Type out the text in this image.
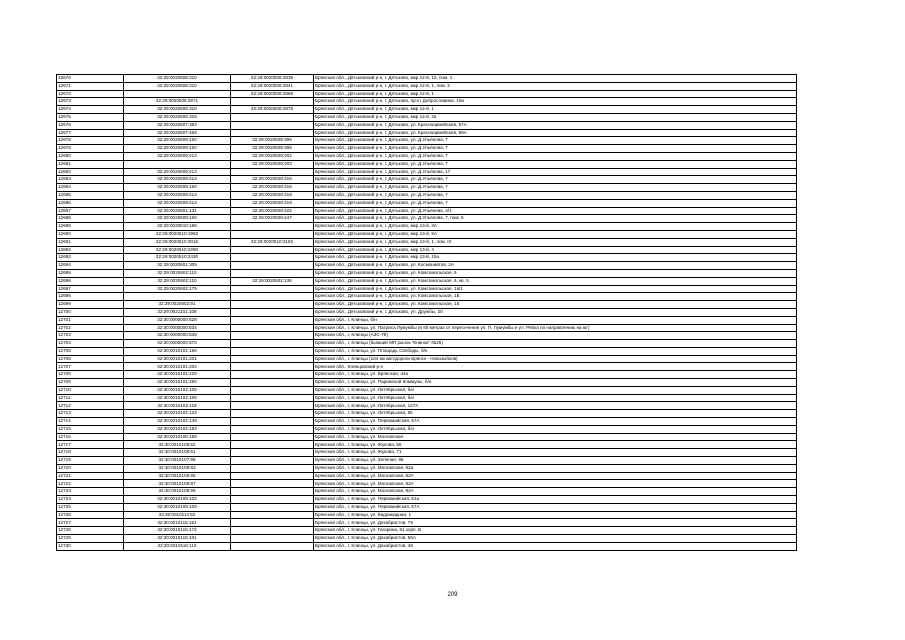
12670	32:29:0020506:310	32:29:0020506:2839	Брянская обл., Дятьковский р-н, г. Дятьково, мкр 12-й, 12, пом. 1
12671	32:29:0020506:310	32:29:0020506:2841	Брянская обл., Дятьковский р-н, г. Дятьково, мкр 12-й, 1, пом. 2
12672		32:29:0020506:2966	Брянская обл., Дятьковский р-н, г. Дятьково, мкр 12-й, 1
12673	32:29:0020506:2871		Брянская обл., Дятьковский р-н, г. Дятьково, пр-кт Доброславина, 16а
12674	32:29:0020506:310	32:29:0020506:2875	Брянская обл., Дятьковский р-н, г. Дятьково, мкр 12-й, 1
12675	32:29:0020506:315		Брянская обл., Дятьковский р-н, г. Дятьково, мкр 12-й, 2а
12676	32:29:0020507:383		Брянская обл., Дятьковский р-н, г. Дятьково, ул. Красноармейская, 57А
12677	32:29:0020507:469		Брянская обл., Дятьковский р-н, г. Дятьково, ул. Красноармейская, 59А
12678	32:29:0020509:160	32:29:0020509:396	Брянская обл., Дятьковский р-н, г. Дятьково, ул. Д.Ульянова, 7
12679	32:29:0020509:160	32:29:0020509:399	Брянская обл., Дятьковский р-н, г. Дятьково, ул. Д.Ульянова, 7
12680	32:29:0020509:414	32:29:0020509:402	Брянская обл., Дятьковский р-н, г. Дятьково, ул. Д.Ульянова, 7
12681		32:29:0020509:403	Брянская обл., Дятьковский р-н, г. Дятьково, ул. Д.Ульянова, 7
12682	32:29:0020509:413		Брянская обл., Дятьковский р-н, г. Дятьково, ул. Д.Ульянова, 17
12683	32:29:0020509:414	32:29:0020509:415	Брянская обл., Дятьковский р-н, г. Дятьково, ул. Д.Ульянова, 7
12684	32:29:0020509:160	32:29:0020509:416	Брянская обл., Дятьковский р-н, г. Дятьково, ул. Д.Ульянова, 7
12685	32:29:0020509:414	32:29:0020509:418	Брянская обл., Дятьковский р-н, г. Дятьково, ул. Д.Ульянова, 7
12686	32:29:0020509:414	32:29:0020509:419	Брянская обл., Дятьковский р-н, г. Дятьково, ул. Д.Ульянова, 7
12687	32:29:0020501:131	32:29:0020509:422	Брянская обл., Дятьковский р-н, г. Дятьково, ул. Д.Ульянова, 4/1
12688	32:29:0020509:160	32:29:0020509:447	Брянская обл., Дятьковский р-н, г. Дятьково, ул. Д.Ульянова, 7, пом. 6
12689	32:29:0020510:186		Брянская обл., Дятьковский р-н, г. Дятьково, мкр 13-й, 3А
12690	32:29:0020510:1962		Брянская обл., Дятьковский р-н, г. Дятьково, мкр 13-й, 5А
12691	32:29:0020510:2015	32:29:0020510:2182	Брянская обл., Дятьковский р-н, г. Дятьково, мкр 13-й, 1, пом. III
12692	32:29:0020510:2280		Брянская обл., Дятьковский р-н, г. Дятьково, мкр 13-й, 4
12693	32:29:0020510:2430		Брянская обл., Дятьковский р-н, г. Дятьково, мкр 13-й, 15а
12694	32:29:0020601:305		Брянская обл., Дятьковский р-н, г. Дятьково, ул. Космонавтов, 2А
12695	32:29:0020602:110		Брянская обл., Дятьковский р-н, г. Дятьково, ул. Комсомольская, 6
12696	32:29:0020602:110	32:29:0020602:136	Брянская обл., Дятьковский р-н, г. Дятьково, ул. Комсомольская, 6, кв. 5
12697	32:29:0020602:175		Брянская обл., Дятьковский р-н, г. Дятьково, ул. Комсомольская, 1в/1
12698			Брянская обл., Дятьковский р-н, г. Дятьково, ул. Комсомольская, 1Б
12699	32:29:0020602:91		Брянская обл., Дятьковский р-н, г. Дятьково, ул. Комсомольская, 1Е
12700	32:29:0021101:108		Брянская обл., Дятьковский р-н, г. Дятьково, ул. Дружбы, 20
12701	32:30:0000000:528		Брянская обл., г. Клинцы, б/н
12702	32:30:0000000:534		Брянская обл., г. Клинцы, ул. Патриса Лумумбы (в 60 метрах от пересечения ул. П. Лумумбы и ул. Рябка по направлению на юг)
12703	32:30:0000000:539		Брянская обл., г. Клинцы (АЗС-78)
12704	32:30:0000000:570		Брянская обл., г. Клинцы (бывший МП рынок "Клинок" №25)
12705	32:30:0010101:166		Брянская обл., г. Клинцы, ул. Площадь Свободы, б/н
12706	32:30:0010101:201		Брянская обл., г. Клинцы (104 км автодороги Брянск - Новозыбков)
12707	32:30:0010101:202		Брянская обл., Клинцовский р-н
12708	32:30:0010101:229		Брянская обл., г. Клинцы, ул. Брянская, 44а
12709	32:30:0010101:250		Брянская обл., г. Клинцы, ул. Парижской Коммуны, б/н
12710	32:30:0010102:105		Брянская обл., г. Клинцы, ул. Октябрьская, б/н
12711	32:30:0010102:106		Брянская обл., г. Клинцы, ул. Октябрьская, б/н
12712	32:30:0010102:118		Брянская обл., г. Клинцы, ул. Октябрьская, 127А
12713	32:30:0010102:123		Брянская обл., г. Клинцы, ул. Октябрьская, 65
12714	32:30:0010102:149		Брянская обл., г. Клинцы, ул. Первомайская, 57А
12715	32:30:0010104:183		Брянская обл., г. Клинцы, ул. Октябрьская, б/н
12716	32:30:0010106:158		Брянская обл., г. Клинцы, ул. Московская
12717	32:30:0010108:52		Брянская обл., г. Клинцы, ул. Жукова, 56
12718	32:30:0010108:61		Брянская обл., г. Клинцы, ул. Жукова, 71
12719	32:30:0010107:98		Брянская обл., г. Клинцы, ул. Зеленая, 96
12720	32:30:0010108:83		Брянская обл., г. Клинцы, ул. Московская, 82а
12721	32:30:0010108:86		Брянская обл., г. Клинцы, ул. Московская, 82А
12722	32:30:0010108:87		Брянская обл., г. Клинцы, ул. Московская, 82А
12723	32:30:0010108:95		Брянская обл., г. Клинцы, ул. Московская, 82А
12724	32:30:0010109:102		Брянская обл., г. Клинцы, ул. Первомайская, 51а
12725	32:30:0010109:109		Брянская обл., г. Клинцы, ул. Первомайская, 57А
12726	32:30:0010114:52		Брянская обл., г. Клинцы, ул. Баррикадная, 1
12727	32:30:0010115:151		Брянская обл., г. Клинцы, ул. Декабристов, 79
12728	32:30:0010115:173		Брянская обл., г. Клинцы, ул. Гагарина, 61 корп. Б
12729	32:30:0010115:181		Брянская обл., г. Клинцы, ул. Декабристов, 55А
12730	32:30:0010116:110		Брянская обл., г. Клинцы, ул. Декабристов, 48
209
